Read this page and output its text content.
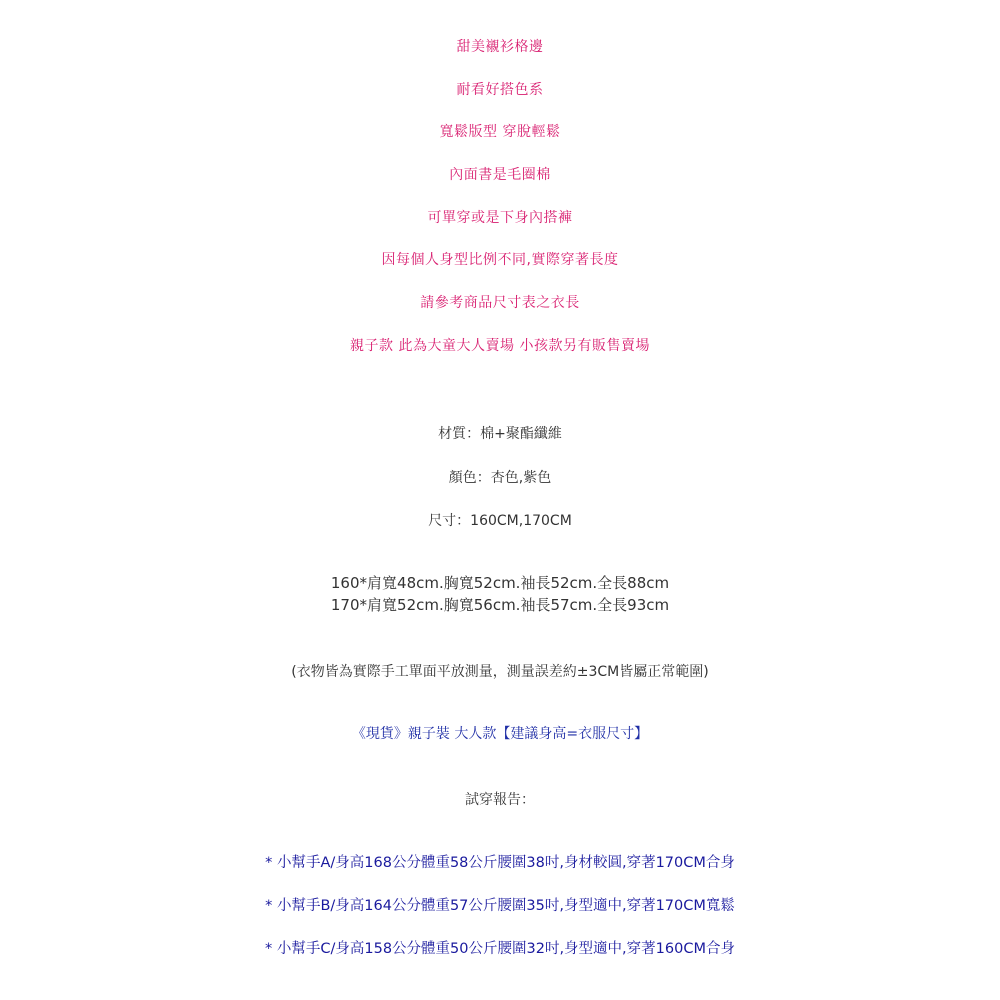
甜美襯衫格邊
耐看好搭色系
寬鬆版型 穿脫輕鬆
內面書是毛圈棉
可單穿或是下身內搭褲
因每個人身型比例不同,實際穿著長度
請參考商品尺寸表之衣長
親子款 此為大童大人賣場 小孩款另有販售賣場
材質：棉+聚酯纖維
顏色：杏色,紫色
尺寸：160CM,170CM
160*肩寬48cm.胸寬52cm.袖長52cm.全長88cm
170*肩寬52cm.胸寬56cm.袖長57cm.全長93cm
(衣物皆為實際手工單面平放測量，測量誤差約±3CM皆屬正常範圍)
《現貨》親子裝 大人款【建議身高=衣服尺寸】
試穿報告：
* 小幫手A/身高168公分體重58公斤腰圍38吋,身材較圓,穿著170CM合身
* 小幫手B/身高164公分體重57公斤腰圍35吋,身型適中,穿著170CM寬鬆
* 小幫手C/身高158公分體重50公斤腰圍32吋,身型適中,穿著160CM合身
